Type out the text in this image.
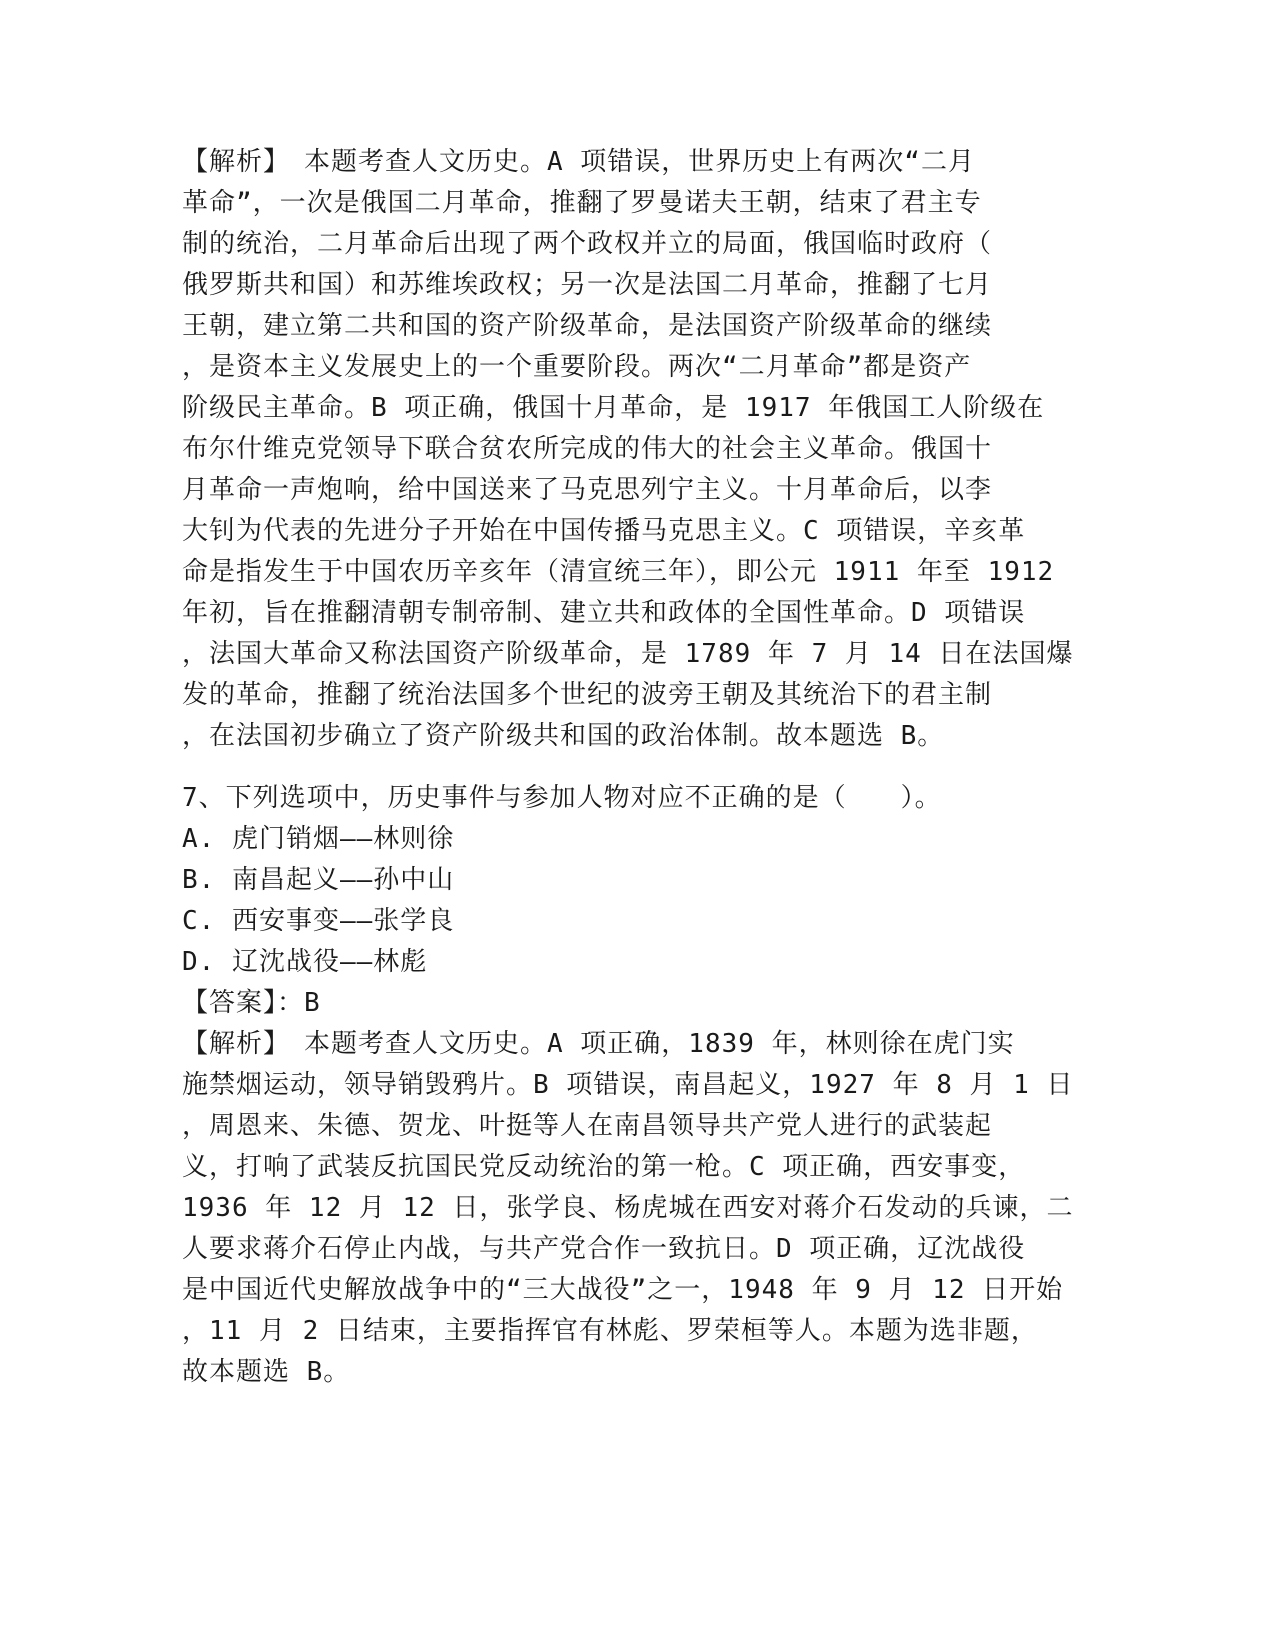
【解析】　本题考查人文历史。A 项错误，世界历史上有两次“二月
革命”，一次是俄国二月革命，推翻了罗曼诺夫王朝，结束了君主专
制的统治，二月革命后出现了两个政权并立的局面，俄国临时政府（
俄罗斯共和国）和苏维埃政权；另一次是法国二月革命，推翻了七月
王朝，建立第二共和国的资产阶级革命，是法国资产阶级革命的继续
，是资本主义发展史上的一个重要阶段。两次“二月革命”都是资产
阶级民主革命。B 项正确，俄国十月革命，是 1917 年俄国工人阶级在
布尔什维克党领导下联合贫农所完成的伟大的社会主义革命。俄国十
月革命一声炮响，给中国送来了马克思列宁主义。十月革命后，以李
大钊为代表的先进分子开始在中国传播马克思主义。C 项错误，辛亥革
命是指发生于中国农历辛亥年（清宣统三年），即公元 1911 年至 1912
年初，旨在推翻清朝专制帝制、建立共和政体的全国性革命。D 项错误
，法国大革命又称法国资产阶级革命，是 1789 年 7 月 14 日在法国爆
发的革命，推翻了统治法国多个世纪的波旁王朝及其统治下的君主制
，在法国初步确立了资产阶级共和国的政治体制。故本题选 B。
7、下列选项中，历史事件与参加人物对应不正确的是（　　）。
A. 虎门销烟——林则徐
B. 南昌起义——孙中山
C. 西安事变——张学良
D. 辽沈战役——林彪
【答案】：B
【解析】　本题考查人文历史。A 项正确，1839 年，林则徐在虎门实
施禁烟运动，领导销毁鸦片。B 项错误，南昌起义，1927 年 8 月 1 日
，周恩来、朱德、贺龙、叶挺等人在南昌领导共产党人进行的武装起
义，打响了武装反抗国民党反动统治的第一枪。C 项正确，西安事变，
1936 年 12 月 12 日，张学良、杨虎城在西安对蒋介石发动的兵谏，二
人要求蒋介石停止内战，与共产党合作一致抗日。D 项正确，辽沈战役
是中国近代史解放战争中的“三大战役”之一，1948 年 9 月 12 日开始
，11 月 2 日结束，主要指挥官有林彪、罗荣桓等人。本题为选非题，
故本题选 B。
